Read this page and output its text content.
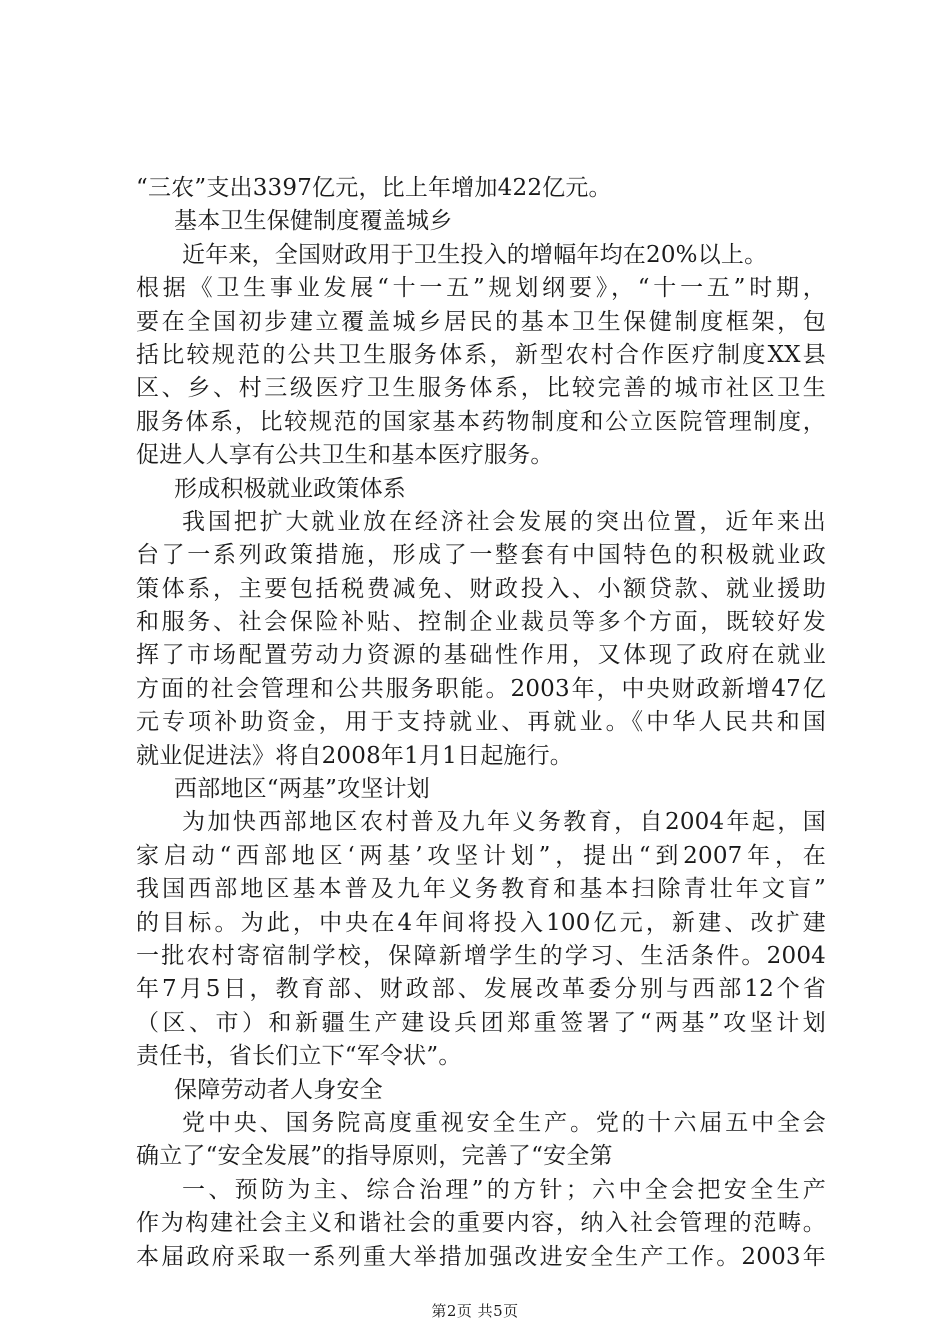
“三农”支出3397亿元，比上年增加422亿元。
基本卫生保健制度覆盖城乡
近年来，全国财政用于卫生投入的增幅年均在20%以上。
根据《卫生事业发展“十一五”规划纲要》，“十一五”时期，
要在全国初步建立覆盖城乡居民的基本卫生保健制度框架，包
括比较规范的公共卫生服务体系，新型农村合作医疗制度XX县
区、乡、村三级医疗卫生服务体系，比较完善的城市社区卫生
服务体系，比较规范的国家基本药物制度和公立医院管理制度，
促进人人享有公共卫生和基本医疗服务。
形成积极就业政策体系
我国把扩大就业放在经济社会发展的突出位置，近年来出
台了一系列政策措施，形成了一整套有中国特色的积极就业政
策体系，主要包括税费减免、财政投入、小额贷款、就业援助
和服务、社会保险补贴、控制企业裁员等多个方面，既较好发
挥了市场配置劳动力资源的基础性作用，又体现了政府在就业
方面的社会管理和公共服务职能。2003年，中央财政新增47亿
元专项补助资金，用于支持就业、再就业。《中华人民共和国
就业促进法》将自2008年1月1日起施行。
西部地区“两基”攻坚计划
为加快西部地区农村普及九年义务教育，自2004年起，国
家启动“西部地区‘两基’攻坚计划”，提出“到2007年，在
我国西部地区基本普及九年义务教育和基本扫除青壮年文盲”
的目标。为此，中央在4年间将投入100亿元，新建、改扩建
一批农村寄宿制学校，保障新增学生的学习、生活条件。2004
年7月5日，教育部、财政部、发展改革委分别与西部12个省
（区、市）和新疆生产建设兵团郑重签署了“两基”攻坚计划
责任书，省长们立下“军令状”。
保障劳动者人身安全
党中央、国务院高度重视安全生产。党的十六届五中全会
确立了“安全发展”的指导原则，完善了“安全第
一、预防为主、综合治理”的方针；六中全会把安全生产
作为构建社会主义和谐社会的重要内容，纳入社会管理的范畴。
本届政府采取一系列重大举措加强改进安全生产工作。2003年
第2页 共5页
